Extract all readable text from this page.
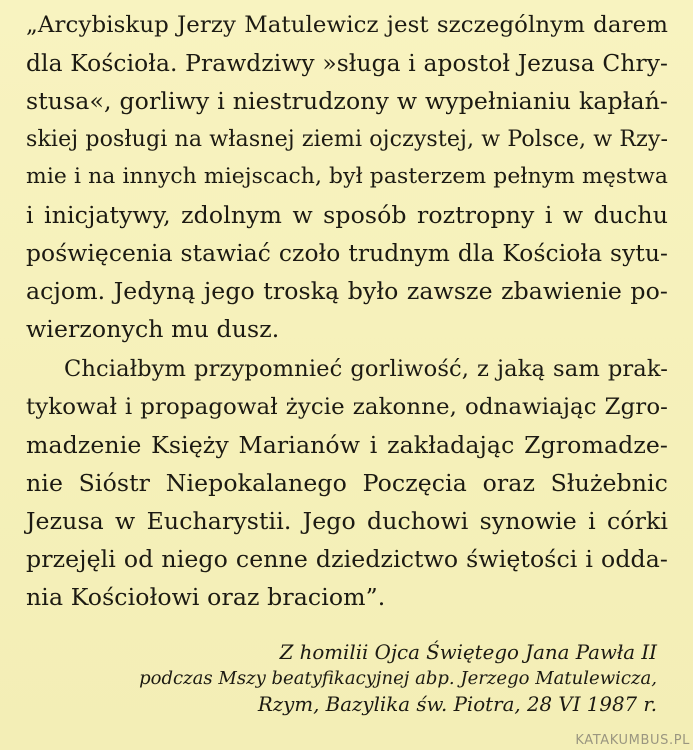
„Arcybiskup Jerzy Matulewicz jest szczególnym darem
dla Kościoła. Prawdziwy »sługa i apostoł Jezusa Chry-
stusa«, gorliwy i niestrudzony w wypełnianiu kapłań-
skiej posługi na własnej ziemi ojczystej, w Polsce, w Rzy-
mie i na innych miejscach, był pasterzem pełnym męstwa
i inicjatywy, zdolnym w sposób roztropny i w duchu
poświęcenia stawiać czoło trudnym dla Kościoła sytu-
acjom. Jedyną jego troską było zawsze zbawienie po-
wierzonych mu dusz.
Chciałbym przypomnieć gorliwość, z jaką sam prak-
tykował i propagował życie zakonne, odnawiając Zgro-
madzenie Księży Marianów i zakładając Zgromadze-
nie Sióstr Niepokalanego Poczęcia oraz Służebnic
Jezusa w Eucharystii. Jego duchowi synowie i córki
przejęli od niego cenne dziedzictwo świętości i odda-
nia Kościołowi oraz braciom”.
Z homilii Ojca Świętego Jana Pawła II
podczas Mszy beatyfikacyjnej abp. Jerzego Matulewicza,
Rzym, Bazylika św. Piotra, 28 VI 1987 r.
KATAKUMBUS.PL
